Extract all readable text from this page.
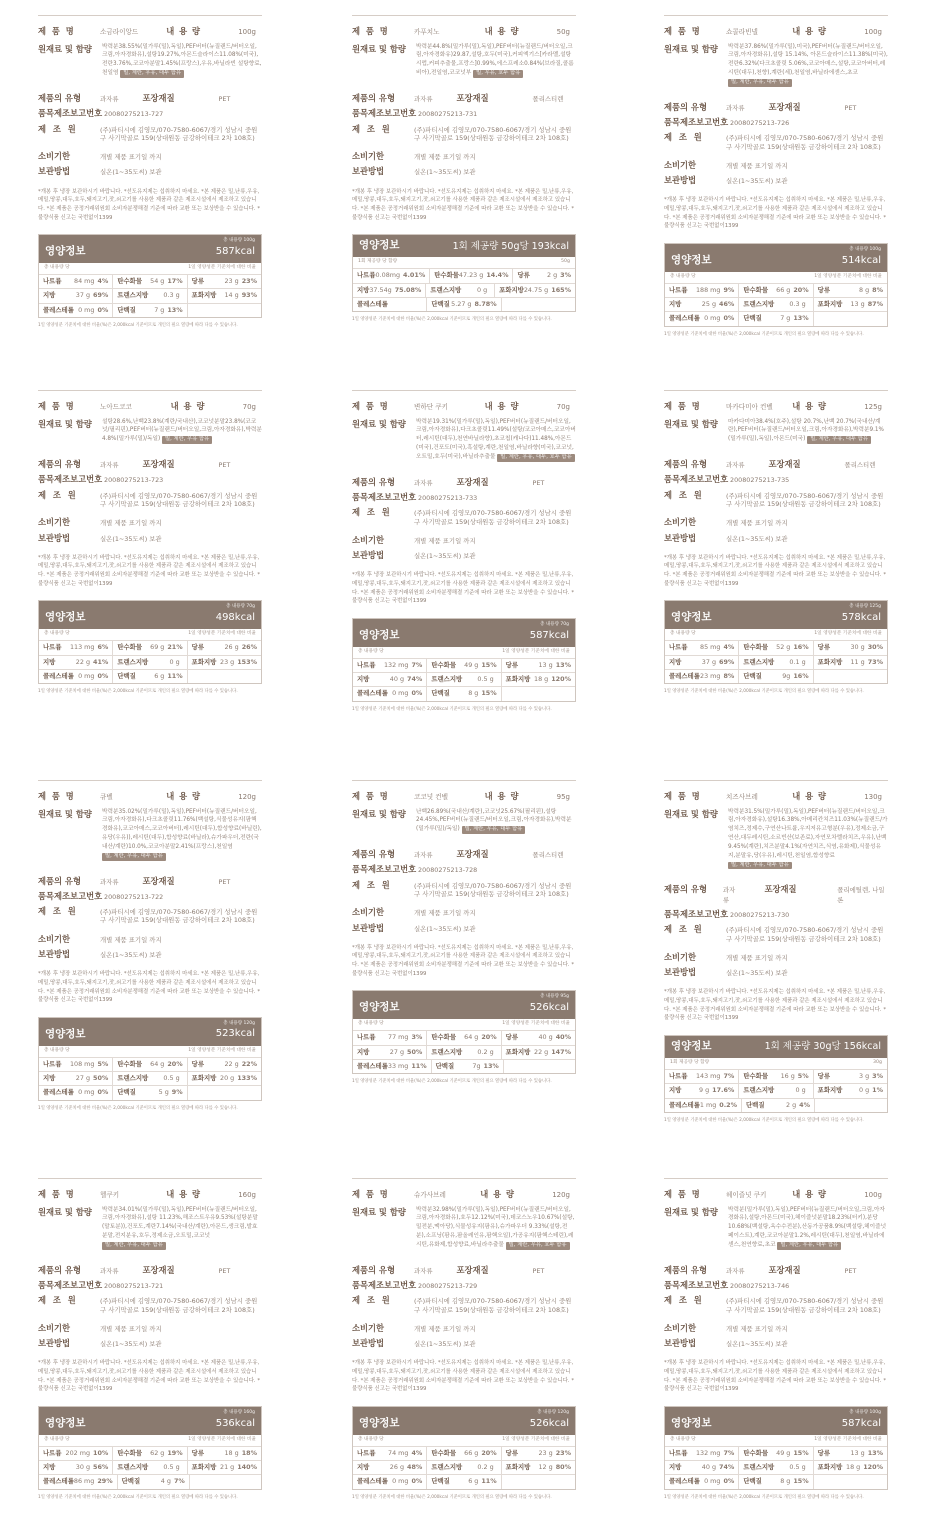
제 품 명	소금라이앙드	내 용 량	100g
원재료 및 함량	박력분38.55%(밀가루(밀),독일),PEF버터(뉴질랜드/버터오일,크림,아자경화유),설탕19.27%,아몬드슬라이스11.08%(미국),전란3.76%,코코아분말1.45%(프랑스),우유,바닐라빈 설탕향료,천일염 밀, 계란, 우유, 대두 함유
제품의 유형	과자류	포장재질	PET
품목제조보고번호 20080275213-727
제 조 원	(주)파티시에 김영모/070-7580-6067/경기 성남시 중원
구 사기막골로 159(상대원동 금강하이테크 2차 108호)
소비기한	개별 제품 표기일 까지
보관방법	실온(1~35도씨) 보관
*개봉 후 냉장 보관하시기 바랍니다. *선도유지제는 섭취하지 마세요. *본 제품은 밀,난류,우유,메밀,땅콩,대두,호두,돼지고기,잣,쇠고기를 사용한 제품과 같은 제조시설에서 제조하고 있습니다. *본 제품은 공정거래위원회 소비자분쟁해결 기준에 따라 교환 또는 보상받을 수 있습니다. *불량식품 신고는 국번없이1399
영양정보
총 내용량 100g
587kcal
총 내용량 당	1일 영양성분 기준치에 대한 비율
나트륨 84 mg 4% 탄수화물 54 g 17% 당류	23 g 23%
지방	37 g 69% 트랜스지방 0.3 g	포화지방 14 g 93%
콜레스테롤 0 mg 0% 단백질	7 g 13%
1일 영양성분 기준치에 대한 비율(%)은 2,000kcal 기준이므로 개인의 필요 열량에 따라 다를 수 있습니다.
제 품 명	카푸치노	내 용 량	50g
원재료 및 함량	박력분44.8%(밀가루(밀),독일),PEF버터(뉴질랜드/버터오일,크림,아자경화유)29.87,설탕,호두(미국),커피엑기스[카라멜,설탕시럽,커피추출물,프랑스]0.99%,에스프레소0.84%(브라질,콜롬비아),전일염,코코넛부 밀, 우유, 호두 함유
제품의 유형	과자류	포장재질	폴리스티렌
품목제조보고번호 20080275213-731
제 조 원	(주)파티시에 김영모/070-7580-6067/경기 성남시 중원
구 사기막골로 159(상대원동 금강하이테크 2차 108호)
소비기한	개별 제품 표기일 까지
보관방법	실온(1~35도씨) 보관
*개봉 후 냉장 보관하시기 바랍니다. *선도유지제는 섭취하지 마세요. *본 제품은 밀,난류,우유,메밀,땅콩,대두,호두,돼지고기,잣,쇠고기를 사용한 제품과 같은 제조시설에서 제조하고 있습니다. *본 제품은 공정거래위원회 소비자분쟁해결 기준에 따라 교환 또는 보상받을 수 있습니다. *불량식품 신고는 국번없이1399
영양정보	1회 제공량 50g당 193kcal
1회 제공량 당 함량	50g
나트륨 0.08mg 4.01% 탄수화물 47.23 g 14.4% 당류	2 g 3%
지방 37.54g 75.08% 트랜스지방 0 g	포화지방 24.75 g 165%
콜레스테롤	단백질 5.27 g 8.78%
1일 영양성분 기준치에 대한 비율(%)은 2,000kcal 기준이므로 개인의 필요 열량에 따라 다를 수 있습니다.
제 품 명	쇼콜라빈넬	내 용 량	100g
원재료 및 함량	박력분37.86%(밀가루(밀),미국),PEF버터(뉴질랜드/버터오일,크림,아자경화유),설탕 15.14%, 아몬드슬라이스11.38%(미국),전란6.32%(다크초콜릿 5.06%,코코아매스,설탕,코코아버터,레시틴(대두),천향),계란(세),천일염,바닐라에센스,초코 밀, 계란, 우유, 대두 함유
제품의 유형	과자류	포장재질	PET
품목제조보고번호 20080275213-726
제 조 원	(주)파티시에 김영모/070-7580-6067/경기 성남시 중원
구 사기막골로 159(상대원동 금강하이테크 2차 108호)
소비기한	개별 제품 표기일 까지
보관방법	실온(1~35도씨) 보관
*개봉 후 냉장 보관하시기 바랍니다. *선도유지제는 섭취하지 마세요. *본 제품은 밀,난류,우유,메밀,땅콩,대두,호두,돼지고기,잣,쇠고기를 사용한 제품과 같은 제조시설에서 제조하고 있습니다. *본 제품은 공정거래위원회 소비자분쟁해결 기준에 따라 교환 또는 보상받을 수 있습니다. *불량식품 신고는 국번없이1399
영양정보
총 내용량 100g
514kcal
총 내용량 당	1일 영양성분 기준치에 대한 비율
나트륨 188 mg 9% 탄수화물 66 g 20% 당류	8 g 8%
지방	25 g 46% 트랜스지방 0.3 g	포화지방 13 g 87%
콜레스테롤 0 mg 0% 단백질	7 g 13%
1일 영양성분 기준치에 대한 비율(%)은 2,000kcal 기준이므로 개인의 필요 열량에 따라 다를 수 있습니다.
제 품 명	노아드코코	내 용 량	70g
원재료 및 함량	설탕28.6%,난백23.8%(계란/국내산),코코넛분말23.8%(코코넛/필리핀),PEF버터(뉴질랜드/버터오일,크림,아자경화유),박력분4.8%(밀가루(밀)/독일) 밀, 계란, 우유 함유
제품의 유형	과자류	포장재질	PET
품목제조보고번호 20080275213-723
제 조 원	(주)파티시에 김영모/070-7580-6067/경기 성남시 중원
구 사기막골로 159(상대원동 금강하이테크 2차 108호)
소비기한	개별 제품 표기일 까지
보관방법	실온(1~35도씨) 보관
*개봉 후 냉장 보관하시기 바랍니다. *선도유지제는 섭취하지 마세요. *본 제품은 밀,난류,우유,메밀,땅콩,대두,호두,돼지고기,잣,쇠고기를 사용한 제품과 같은 제조시설에서 제조하고 있습니다. *본 제품은 공정거래위원회 소비자분쟁해결 기준에 따라 교환 또는 보상받을 수 있습니다. *불량식품 신고는 국번없이1399
영양정보
총 내용량 70g
498kcal
총 내용량 당	1일 영양성분 기준치에 대한 비율
나트륨 113 mg 6% 탄수화물 69 g 21% 당류	26 g 26%
지방	22 g 41% 트랜스지방	0 g	포화지방 23 g 153%
콜레스테롤 0 mg 0% 단백질	6 g 11%
1일 영양성분 기준치에 대한 비율(%)은 2,000kcal 기준이므로 개인의 필요 열량에 따라 다를 수 있습니다.
제 품 명	변하단 쿠키	내 용 량	70g
원재료 및 함량	박력분19.31%(밀가루(밀),독일),PEF버터(뉴질랜드/버터오일,크림,아자경화유),다크초콜릿11.49%(설탕/코코아매스,코코아버터,레시틴(대두),천연바닐라향),초코칩(캐나다)11.48%,아몬드(미국),건포도(미국),흑설탕,계란,천일염,바닐라향(미국),코코넛,오트밀,호두(미국),바닐라추출물 밀, 계란, 우유, 대두, 호두 함유
제품의 유형	과자류	포장재질	PET
품목제조보고번호 20080275213-733
제 조 원	(주)파티시에 김영모/070-7580-6067/경기 성남시 중원
구 사기막골로 159(상대원동 금강하이테크 2차 108호)
소비기한	개별 제품 표기일 까지
보관방법	실온(1~35도씨) 보관
*개봉 후 냉장 보관하시기 바랍니다. *선도유지제는 섭취하지 마세요. *본 제품은 밀,난류,우유,메밀,땅콩,대두,호두,돼지고기,잣,쇠고기를 사용한 제품과 같은 제조시설에서 제조하고 있습니다. *본 제품은 공정거래위원회 소비자분쟁해결 기준에 따라 교환 또는 보상받을 수 있습니다. *불량식품 신고는 국번없이1399
영양정보
총 내용량 70g
587kcal
총 내용량 당	1일 영양성분 기준치에 대한 비율
나트륨 132 mg 7% 탄수화물 49 g 15% 당류	13 g 13%
지방	40 g 74% 트랜스지방 0.5 g	포화지방 18 g 120%
콜레스테롤 0 mg 0% 단백질	8 g 15%
1일 영양성분 기준치에 대한 비율(%)은 2,000kcal 기준이므로 개인의 필요 열량에 따라 다를 수 있습니다.
제 품 명	마카다미아 컨벨 내 용 량	125g
원재료 및 함량	마카다미아38.4%(호주),설탕 20.7%,난백 20.7%(국내산/계란),PEF버터(뉴질랜드/버터오일,크림,아자경화유),박력분9.1%(밀가루(밀),독일),아몬드(미국) 밀, 계란, 우유, 대두 함유
제품의 유형	과자류	포장재질	폴리스티렌
품목제조보고번호 20080275213-735
제 조 원	(주)파티시에 김영모/070-7580-6067/경기 성남시 중원
구 사기막골로 159(상대원동 금강하이테크 2차 108호)
소비기한	개별 제품 표기일 까지
보관방법	실온(1~35도씨) 보관
*개봉 후 냉장 보관하시기 바랍니다. *선도유지제는 섭취하지 마세요. *본 제품은 밀,난류,우유,메밀,땅콩,대두,호두,돼지고기,잣,쇠고기를 사용한 제품과 같은 제조시설에서 제조하고 있습니다. *본 제품은 공정거래위원회 소비자분쟁해결 기준에 따라 교환 또는 보상받을 수 있습니다. *불량식품 신고는 국번없이1399
영양정보
총 내용량 125g
578kcal
총 내용량 당	1일 영양성분 기준치에 대한 비율
나트륨 85 mg 4% 탄수화물 52 g 16% 당류	30 g 30%
지방	37 g 69% 트랜스지방 0.1 g	포화지방 11 g 73%
콜레스테롤 23 mg 8% 단백질	9g 16%
1일 영양성분 기준치에 대한 비율(%)은 2,000kcal 기준이므로 개인의 필요 열량에 따라 다를 수 있습니다.
제 품 명	큐벨	내 용 량	120g
원재료 및 함량	박력분35.02%(밀가루(밀),독일),PEF버터(뉴질랜드/버터오일,크림,아자경화유),다크초콜릿11.76%(백설탕,식물성유지(팜핵경화유),코코아매스,코코아버터),레시틴(대두),합성향료(바닐린),유당(우유)),레시틴(대두),합성향료(바닐라),슈가파우더,전란(국내산/계란)10.0%,코코아분말2.41%(프랑스),천일염 밀, 계란, 우유, 대두 함유
제품의 유형	과자류	포장재질	PET
품목제조보고번호 20080275213-722
제 조 원	(주)파티시에 김영모/070-7580-6067/경기 성남시 중원
구 사기막골로 159(상대원동 금강하이테크 2차 108호)
소비기한	개별 제품 표기일 까지
보관방법	실온(1~35도씨) 보관
*개봉 후 냉장 보관하시기 바랍니다. *선도유지제는 섭취하지 마세요. *본 제품은 밀,난류,우유,메밀,땅콩,대두,호두,돼지고기,잣,쇠고기를 사용한 제품과 같은 제조시설에서 제조하고 있습니다. *본 제품은 공정거래위원회 소비자분쟁해결 기준에 따라 교환 또는 보상받을 수 있습니다. *불량식품 신고는 국번없이1399
영양정보
총 내용량 120g
523kcal
총 내용량 당	1일 영양성분 기준치에 대한 비율
나트륨 108 mg 5% 탄수화물 64 g 20% 당류	22 g 22%
지방	27 g 50% 트랜스지방 0.5 g	포화지방 20 g 133%
콜레스테롤 0 mg 0% 단백질	5 g 9%
1일 영양성분 기준치에 대한 비율(%)은 2,000kcal 기준이므로 개인의 필요 열량에 따라 다를 수 있습니다.
제 품 명	코코넛 컨벨	내 용 량	95g
원재료 및 함량	난백26.89%(국내산/계란),코코넛25.67%(필리핀),설탕24.45%,PEF버터(뉴질랜드/버터오일,크림,아자경화유),박력분(밀가루(밀)/독일) 밀, 계란, 우유, 대두 함유
제품의 유형	과자류	포장재질	폴리스티렌
품목제조보고번호 20080275213-728
제 조 원	(주)파티시에 김영모/070-7580-6067/경기 성남시 중원
구 사기막골로 159(상대원동 금강하이테크 2차 108호)
소비기한	개별 제품 표기일 까지
보관방법	실온(1~35도씨) 보관
*개봉 후 냉장 보관하시기 바랍니다. *선도유지제는 섭취하지 마세요. *본 제품은 밀,난류,우유,메밀,땅콩,대두,호두,돼지고기,잣,쇠고기를 사용한 제품과 같은 제조시설에서 제조하고 있습니다. *본 제품은 공정거래위원회 소비자분쟁해결 기준에 따라 교환 또는 보상받을 수 있습니다. *불량식품 신고는 국번없이1399
영양정보
총 내용량 95g
526kcal
총 내용량 당	1일 영양성분 기준치에 대한 비율
나트륨 77 mg 3% 탄수화물 64 g 20% 당류	40 g 40%
지방	27 g 50% 트랜스지방 0.2 g	포화지방 22 g 147%
콜레스테롤 33 mg 11% 단백질	7g 13%
1일 영양성분 기준치에 대한 비율(%)은 2,000kcal 기준이므로 개인의 필요 열량에 따라 다를 수 있습니다.
제 품 명	치즈사브레	내 용 량	130g
원재료 및 함량	박력분31.5%(밀가루(밀),독일),PEF버터(뉴질랜드/버터오일,크림,아자경화유),설탕16.38%,아메리칸치즈11.03%(뉴질랜드/가염치즈,정제수,구연산나트륨,우지저유고형분(우유),정제소금,구연산,대두레시틴,소르빈산(보존료),자연모차렐라치즈,우유),난백9.45%(계란),치즈분말4.1%(자연치즈,식염,유화제),식물성유지,분말유,당(우유),레시틴,천일염,합성향료 밀, 계란, 우유, 대두 함유
제품의 유형	과자류
포장재질	폴리에틸렌, 나일론
품목제조보고번호 20080275213-730
제 조 원	(주)파티시에 김영모/070-7580-6067/경기 성남시 중원
구 사기막골로 159(상대원동 금강하이테크 2차 108호)
소비기한	개별 제품 표기일 까지
보관방법	실온(1~35도씨) 보관
*개봉 후 냉장 보관하시기 바랍니다. *선도유지제는 섭취하지 마세요. *본 제품은 밀,난류,우유,메밀,땅콩,대두,호두,돼지고기,잣,쇠고기를 사용한 제품과 같은 제조시설에서 제조하고 있습니다. *본 제품은 공정거래위원회 소비자분쟁해결 기준에 따라 교환 또는 보상받을 수 있습니다. *불량식품 신고는 국번없이1399
영양정보	1회 제공량 30g당 156kcal
1회 제공량 당 함량	30g
나트륨 143 mg 7% 탄수화물 16 g 5% 당류	3 g 3%
지방	9 g 17.6% 트랜스지방	0 g	포화지방	0 g 1%
콜레스테롤 1 mg 0.2% 단백질	2 g 4%
1일 영양성분 기준치에 대한 비율(%)은 2,000kcal 기준이므로 개인의 필요 열량에 따라 다를 수 있습니다.
제 품 명	헬쿠키	내 용 량	160g
원재료 및 함량	박력분34.01%(밀가루(밀),독일),PEF버터(뉴질랜드/버터오일,크림,아자경화유),설탕 11.23%,해조스트우유9.53%(설탕분말(말토분)),건포도,계란7.14%(국내산/계란),아몬드,생크림,발효분말,전지분유,호두,정제소금,오트밀,코코넛 밀, 계란, 우유, 대두 함유
제품의 유형	과자류	포장재질	PET
품목제조보고번호 20080275213-721
제 조 원	(주)파티시에 김영모/070-7580-6067/경기 성남시 중원
구 사기막골로 159(상대원동 금강하이테크 2차 108호)
소비기한	개별 제품 표기일 까지
보관방법	실온(1~35도씨) 보관
*개봉 후 냉장 보관하시기 바랍니다. *선도유지제는 섭취하지 마세요. *본 제품은 밀,난류,우유,메밀,땅콩,대두,호두,돼지고기,잣,쇠고기를 사용한 제품과 같은 제조시설에서 제조하고 있습니다. *본 제품은 공정거래위원회 소비자분쟁해결 기준에 따라 교환 또는 보상받을 수 있습니다. *불량식품 신고는 국번없이1399
영양정보
총 내용량 160g
536kcal
총 내용량 당	1일 영양성분 기준치에 대한 비율
나트륨 202 mg 10% 탄수화물 62 g 19% 당류	18 g 18%
지방	30 g 56% 트랜스지방 0.5 g	포화지방 21 g 140%
콜레스테롤 86 mg 29% 단백질	4 g 7%
1일 영양성분 기준치에 대한 비율(%)은 2,000kcal 기준이므로 개인의 필요 열량에 따라 다를 수 있습니다.
제 품 명	슈가사브레	내 용 량	120g
원재료 및 함량	박력분32.98%(밀가루(밀),독일),PEF버터(뉴질랜드/버터오일,크림,아자경화유),호두12.12%(미국),데코스노우10.67%(설탕,밀전분,맥아당),식물성유지(팜유),슈가파우더 9.33%(설탕,전분),소프닝(팜유,팜올레인유,팜핵오일),가공유지(팜핵스테린),레시틴,유화제,합성향료,바닐라추출물 밀, 계란, 우유, 호두 함유
제품의 유형	과자류	포장재질	PET
품목제조보고번호 20080275213-729
제 조 원	(주)파티시에 김영모/070-7580-6067/경기 성남시 중원
구 사기막골로 159(상대원동 금강하이테크 2차 108호)
소비기한	개별 제품 표기일 까지
보관방법	실온(1~35도씨) 보관
*개봉 후 냉장 보관하시기 바랍니다. *선도유지제는 섭취하지 마세요. *본 제품은 밀,난류,우유,메밀,땅콩,대두,호두,돼지고기,잣,쇠고기를 사용한 제품과 같은 제조시설에서 제조하고 있습니다. *본 제품은 공정거래위원회 소비자분쟁해결 기준에 따라 교환 또는 보상받을 수 있습니다. *불량식품 신고는 국번없이1399
영양정보
총 내용량 120g
526kcal
총 내용량 당	1일 영양성분 기준치에 대한 비율
나트륨 74 mg 4% 탄수화물 66 g 20% 당류	23 g 23%
지방	26 g 48% 트랜스지방 0.2 g	포화지방 12 g 80%
콜레스테롤 0 mg 0% 단백질	6 g 11%
1일 영양성분 기준치에 대한 비율(%)은 2,000kcal 기준이므로 개인의 필요 열량에 따라 다를 수 있습니다.
제 품 명	헤이즐넛 쿠키	내 용 량	100g
원재료 및 함량	박력분(밀가루(밀),독일),PEF버터(뉴질랜드/버터오일,크림,아자경화유),설탕,아몬드(미국),헤이즐넛분말18.23%(터키),분당10.68%(백설탕,옥수수전분),산동가공품8.9%(백설탕,헤이즐넛페이스트),계란,코코아분말1.2%,레시틴(대두),천일염,바닐라에센스,천연향료,초코 밀, 계란, 우유, 대두 함유
제품의 유형	과자류	포장재질	PET
품목제조보고번호 20080275213-746
제 조 원	(주)파티시에 김영모/070-7580-6067/경기 성남시 중원
구 사기막골로 159(상대원동 금강하이테크 2차 108호)
소비기한	개별 제품 표기일 까지
보관방법	실온(1~35도씨) 보관
*개봉 후 냉장 보관하시기 바랍니다. *선도유지제는 섭취하지 마세요. *본 제품은 밀,난류,우유,메밀,땅콩,대두,호두,돼지고기,잣,쇠고기를 사용한 제품과 같은 제조시설에서 제조하고 있습니다. *본 제품은 공정거래위원회 소비자분쟁해결 기준에 따라 교환 또는 보상받을 수 있습니다. *불량식품 신고는 국번없이1399
영양정보
총 내용량 100g
587kcal
총 내용량 당	1일 영양성분 기준치에 대한 비율
나트륨 132 mg 7% 탄수화물 49 g 15% 당류	13 g 13%
지방	40 g 74% 트랜스지방 0.5 g	포화지방 18 g 120%
콜레스테롤 0 mg 0% 단백질	8 g 15%
1일 영양성분 기준치에 대한 비율(%)은 2,000kcal 기준이므로 개인의 필요 열량에 따라 다를 수 있습니다.
